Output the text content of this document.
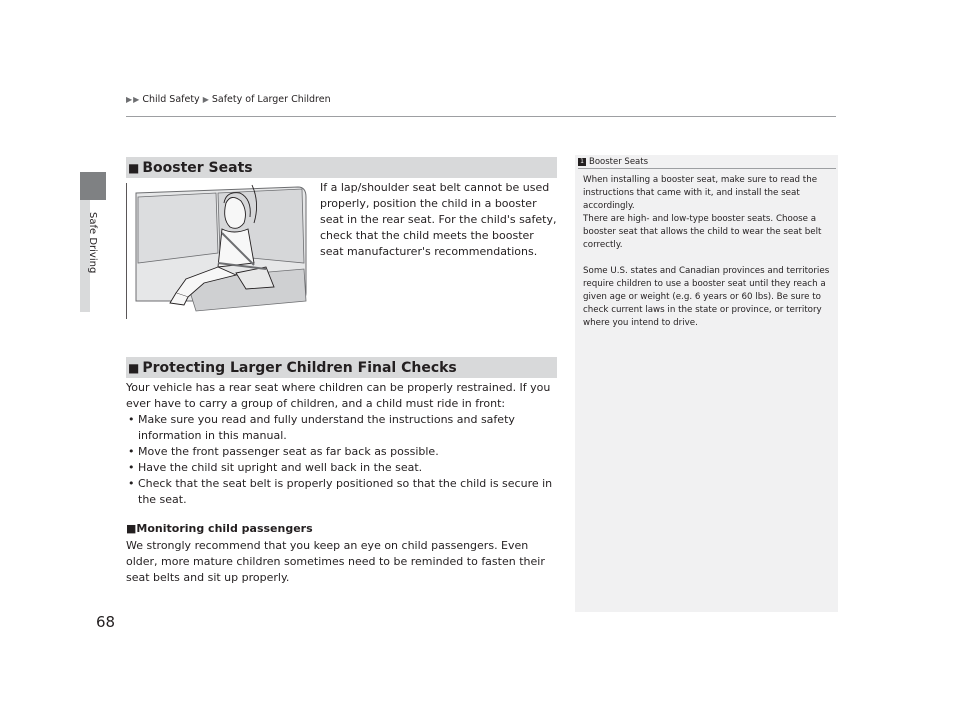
Safe Driving
▶ ▶ Child Safety ▶ Safety of Larger Children
■ Booster Seats
If a lap/shoulder seat belt cannot be used properly, position the child in a booster seat in the rear seat. For the child's safety, check that the child meets the booster seat manufacturer's recommendations.
■ Protecting Larger Children Final Checks
Your vehicle has a rear seat where children can be properly restrained. If you ever have to carry a group of children, and a child must ride in front:
• Make sure you read and fully understand the instructions and safety information in this manual.
• Move the front passenger seat as far back as possible.
• Have the child sit upright and well back in the seat.
• Check that the seat belt is properly positioned so that the child is secure in the seat.
■Monitoring child passengers
We strongly recommend that you keep an eye on child passengers. Even older, more mature children sometimes need to be reminded to fasten their seat belts and sit up properly.
1 Booster Seats

When installing a booster seat, make sure to read the instructions that came with it, and install the seat accordingly.

There are high- and low-type booster seats. Choose a booster seat that allows the child to wear the seat belt correctly.

Some U.S. states and Canadian provinces and territories require children to use a booster seat until they reach a given age or weight (e.g. 6 years or 60 lbs). Be sure to check current laws in the state or province, or territory where you intend to drive.

68
